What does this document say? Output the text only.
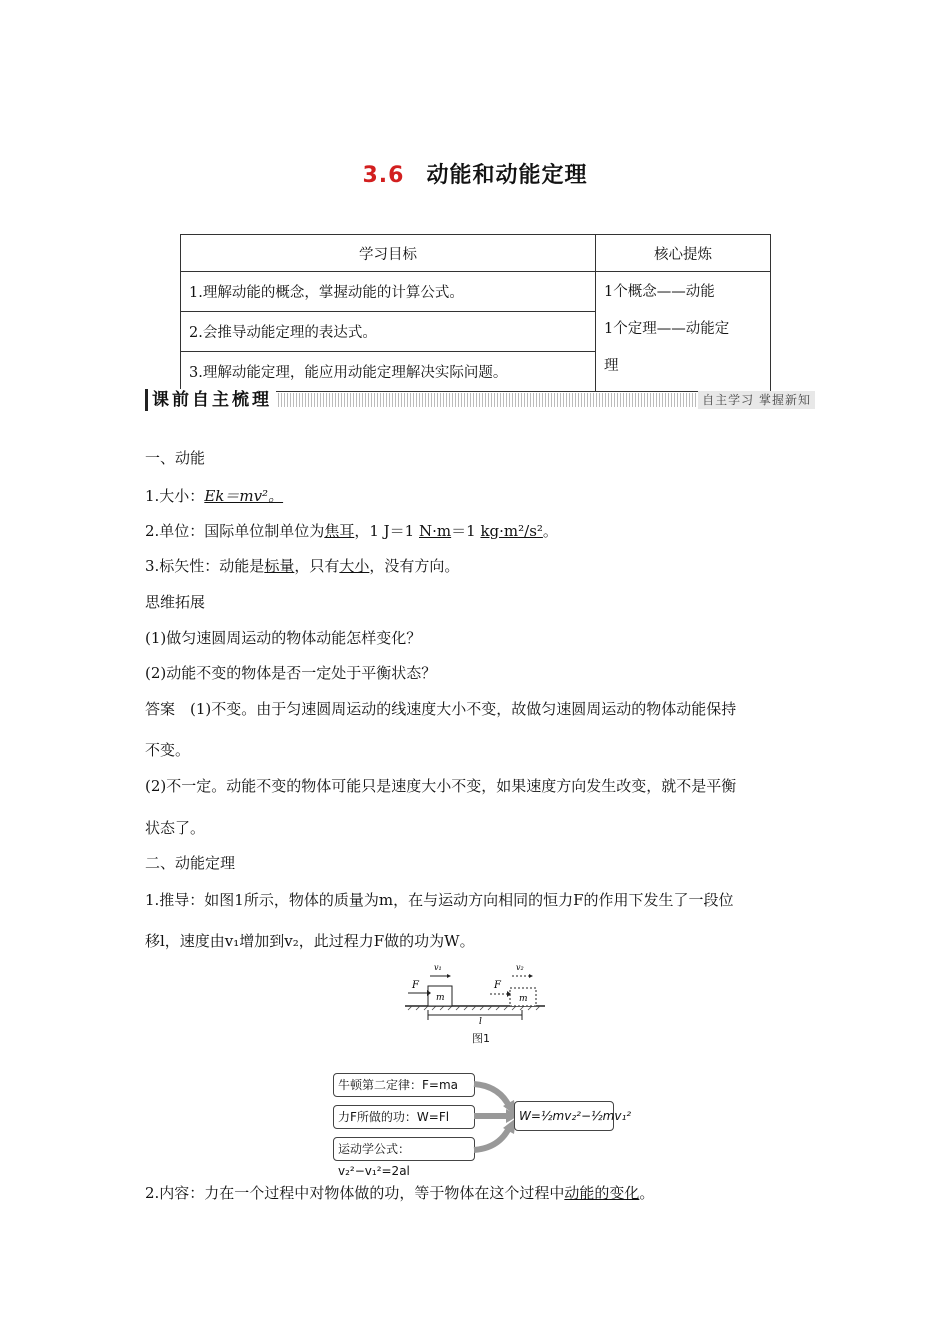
3.6 动能和动能定理
学习目标	核心提炼
1.理解动能的概念，掌握动能的计算公式。	1个概念——动能
1个定理——动能定
理

2.会推导动能定理的表达式。	
3.理解动能定理，能应用动能定理解决实际问题。	
课前自主梳理	自主学习 掌握新知
一、动能
1.大小：Ek＝mv²。
2.单位：国际单位制单位为焦耳，1 J＝1 N·m＝1 kg·m²/s²。
3.标矢性：动能是标量，只有大小，没有方向。
思维拓展
(1)做匀速圆周运动的物体动能怎样变化？
(2)动能不变的物体是否一定处于平衡状态？
答案　(1)不变。由于匀速圆周运动的线速度大小不变，故做匀速圆周运动的物体动能保持
不变。
(2)不一定。动能不变的物体可能只是速度大小不变，如果速度方向发生改变，就不是平衡
状态了。
二、动能定理
1.推导：如图1所示，物体的质量为m，在与运动方向相同的恒力F的作用下发生了一段位
移l，速度由v₁增加到v₂，此过程力F做的功为W。
F	F
m	m
v₁	v₂
l
图1
牛顿第二定律：F=ma
力F所做的功：W=Fl
运动学公式：v₂²−v₁²=2al
W=½mv₂²−½mv₁²
2.内容：力在一个过程中对物体做的功，等于物体在这个过程中动能的变化。
